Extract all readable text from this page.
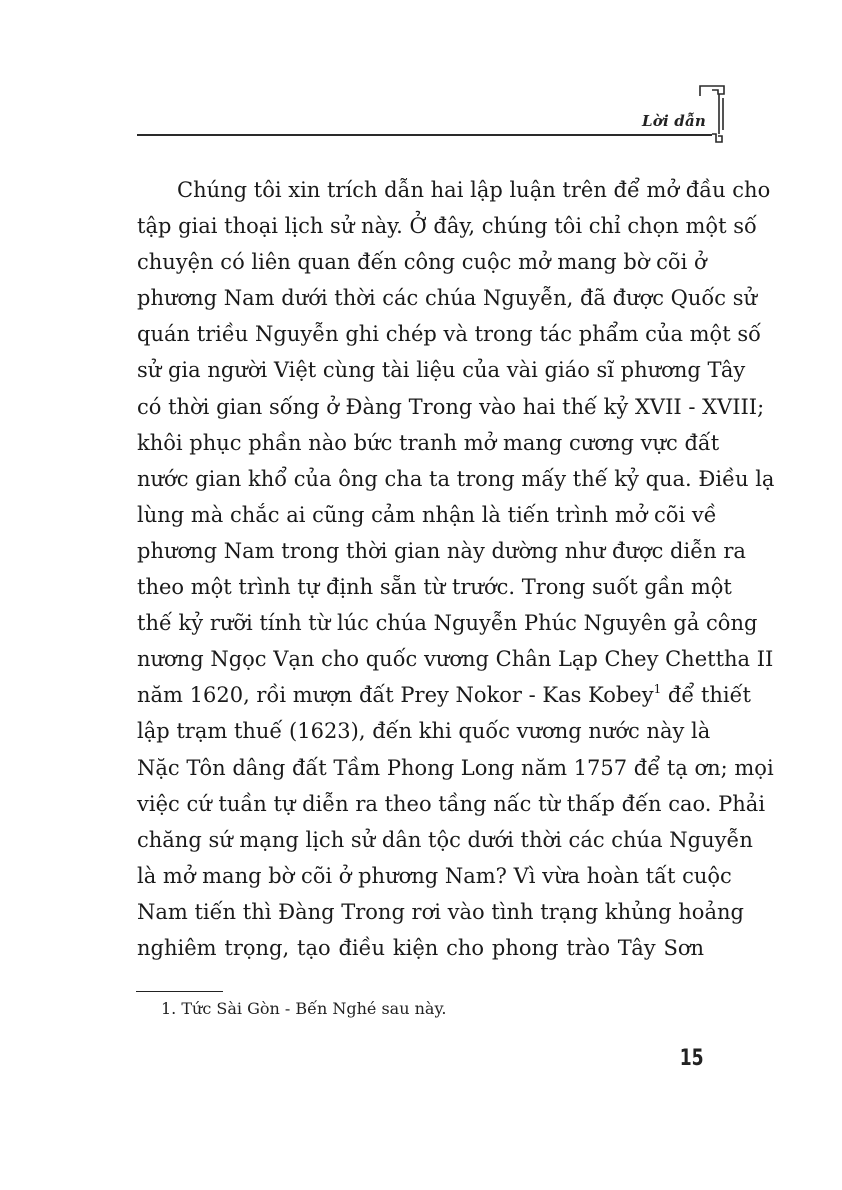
Lời dẫn
Chúng tôi xin trích dẫn hai lập luận trên để mở đầu cho
tập giai thoại lịch sử này. Ở đây, chúng tôi chỉ chọn một số
chuyện có liên quan đến công cuộc mở mang bờ cõi ở
phương Nam dưới thời các chúa Nguyễn, đã được Quốc sử
quán triều Nguyễn ghi chép và trong tác phẩm của một số
sử gia người Việt cùng tài liệu của vài giáo sĩ phương Tây
có thời gian sống ở Đàng Trong vào hai thế kỷ XVII - XVIII;
khôi phục phần nào bức tranh mở mang cương vực đất
nước gian khổ của ông cha ta trong mấy thế kỷ qua. Điều lạ
lùng mà chắc ai cũng cảm nhận là tiến trình mở cõi về
phương Nam trong thời gian này dường như được diễn ra
theo một trình tự định sẵn từ trước. Trong suốt gần một
thế kỷ rưỡi tính từ lúc chúa Nguyễn Phúc Nguyên gả công
nương Ngọc Vạn cho quốc vương Chân Lạp Chey Chettha II
năm 1620, rồi mượn đất Prey Nokor - Kas Kobey$^1$ để thiết
lập trạm thuế (1623), đến khi quốc vương nước này là
Nặc Tôn dâng đất Tầm Phong Long năm 1757 để tạ ơn; mọi
việc cứ tuần tự diễn ra theo tầng nấc từ thấp đến cao. Phải
chăng sứ mạng lịch sử dân tộc dưới thời các chúa Nguyễn
là mở mang bờ cõi ở phương Nam? Vì vừa hoàn tất cuộc
Nam tiến thì Đàng Trong rơi vào tình trạng khủng hoảng
nghiêm trọng, tạo điều kiện cho phong trào Tây Sơn
1. Tức Sài Gòn - Bến Nghé sau này.
15
